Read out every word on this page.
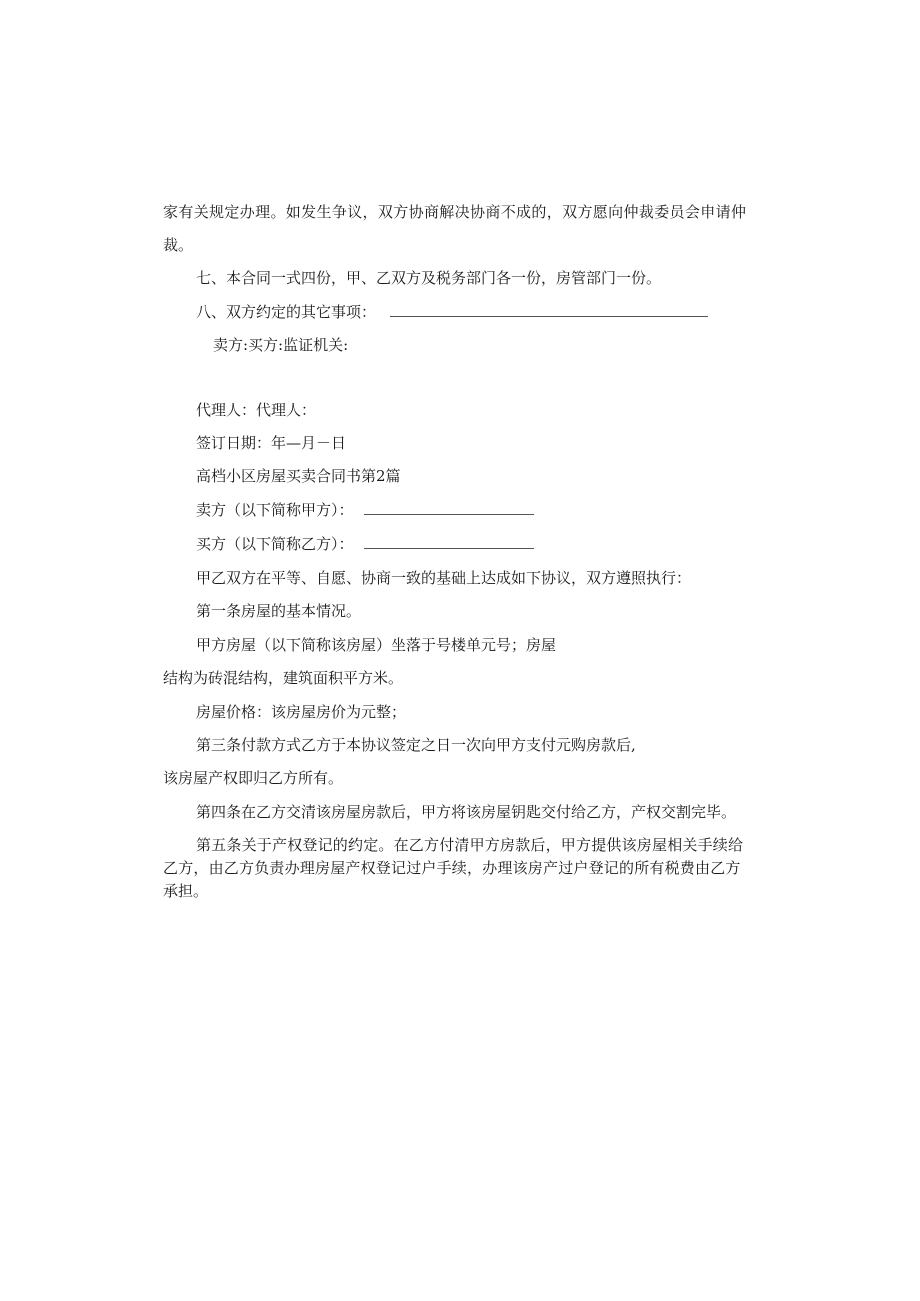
家有关规定办理。如发生争议，双方协商解决协商不成的，双方愿向仲裁委员会申请仲

裁。

七、本合同一式四份，甲、乙双方及税务部门各一份，房管部门一份。

八、双方约定的其它事项：

卖方:买方:监证机关:

代理人：代理人：

签订日期：年—月－日

高档小区房屋买卖合同书第2篇

卖方（以下简称甲方）：

买方（以下简称乙方）：

甲乙双方在平等、自愿、协商一致的基础上达成如下协议，双方遵照执行：

第一条房屋的基本情况。

甲方房屋（以下简称该房屋）坐落于号楼单元号；房屋

结构为砖混结构，建筑面积平方米。

房屋价格：该房屋房价为元整；

第三条付款方式乙方于本协议签定之日一次向甲方支付元购房款后,

该房屋产权即归乙方所有。

第四条在乙方交清该房屋房款后，甲方将该房屋钥匙交付给乙方，产权交割完毕。

第五条关于产权登记的约定。在乙方付清甲方房款后，甲方提供该房屋相关手续给

乙方，由乙方负责办理房屋产权登记过户手续，办理该房产过户登记的所有税费由乙方

承担。
